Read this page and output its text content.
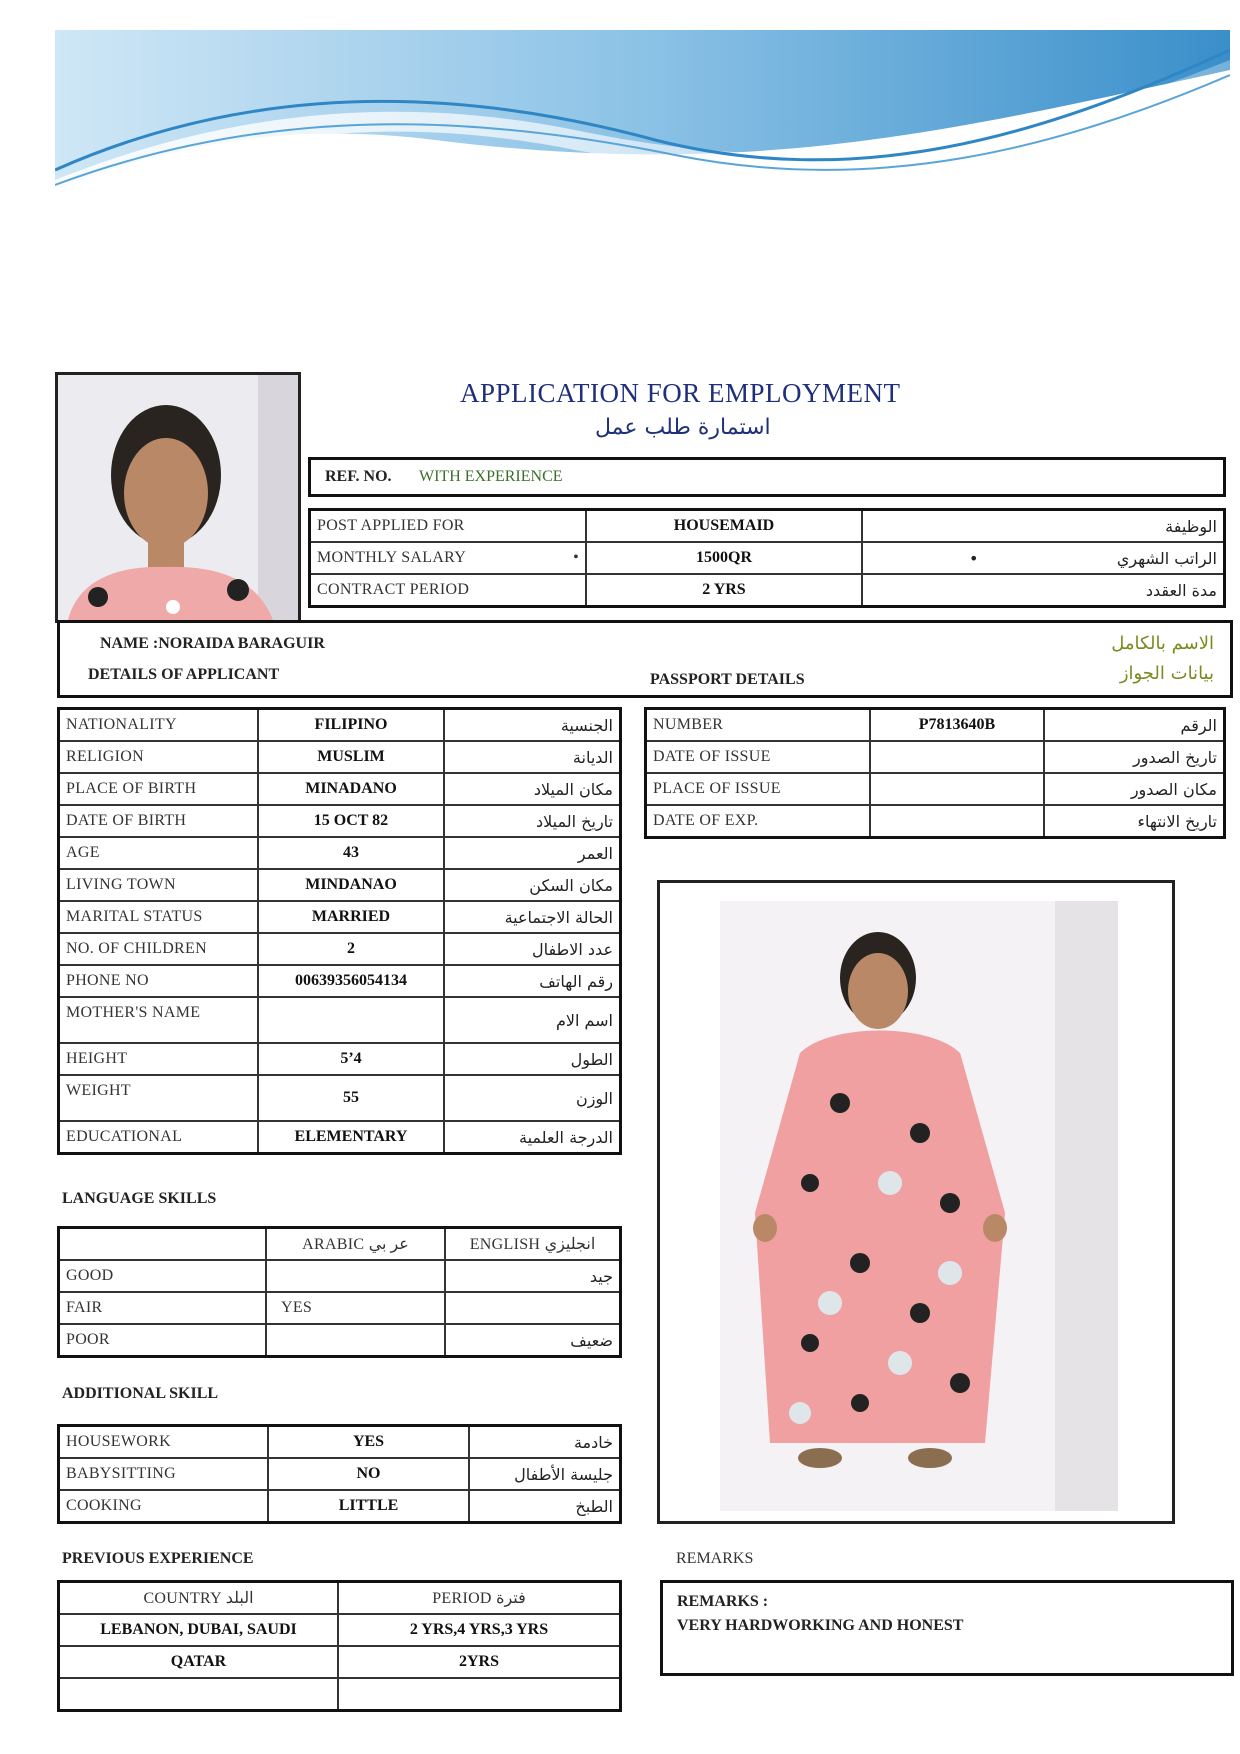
APPLICATION FOR EMPLOYMENT
استمارة طلب عمل
REF. NO. WITH EXPERIENCE
POST APPLIED FOR	HOUSEMAID	الوظيفة
MONTHLY SALARY •	1500QR	الراتب الشهري
•

CONTRACT PERIOD	2 YRS	مدة العقدد
NAME :NORAIDA BARAGUIR	الاسم بالكامل
DETAILS OF APPLICANT	PASSPORT DETAILS	بيانات الجواز
NATIONALITY	FILIPINO	الجنسية
RELIGION	MUSLIM	الديانة
PLACE OF BIRTH	MINADANO	مكان الميلاد
DATE OF BIRTH	15 OCT 82	تاريخ الميلاد
AGE	43	العمر
LIVING TOWN	MINDANAO	مكان السكن
MARITAL STATUS	MARRIED	الحالة الاجتماعية
NO. OF CHILDREN	2	عدد الاطفال
PHONE NO	00639356054134	رقم الهاتف
MOTHER'S NAME		اسم الام
HEIGHT	5’4	الطول
WEIGHT	55	الوزن
EDUCATIONAL	ELEMENTARY	الدرجة العلمية
NUMBER	P7813640B	الرقم
DATE OF ISSUE		تاريخ الصدور
PLACE OF ISSUE		مكان الصدور
DATE OF EXP.		تاريخ الانتهاء
LANGUAGE SKILLS
	ARABIC عر بي	ENGLISH انجليزي
GOOD		جيد
FAIR	YES	
POOR		ضعيف
ADDITIONAL SKILL
HOUSEWORK	YES	خادمة
BABYSITTING	NO	جليسة الأطفال
COOKING	LITTLE	الطبخ
PREVIOUS EXPERIENCE
COUNTRY البلد	PERIOD فترة
LEBANON, DUBAI, SAUDI	2 YRS,4 YRS,3 YRS
QATAR	2YRS

REMARKS
REMARKS :
VERY HARDWORKING AND HONEST
